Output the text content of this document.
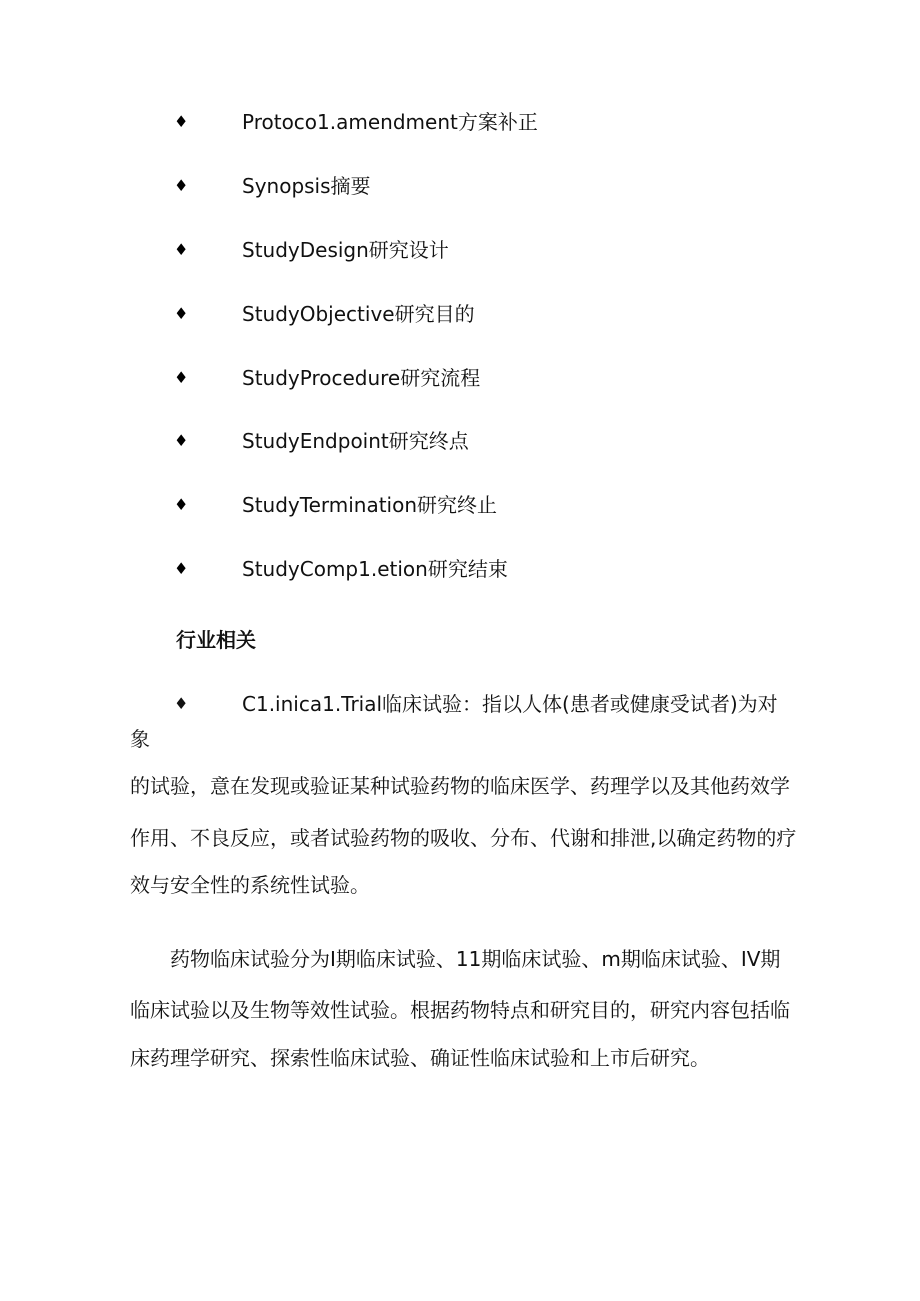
♦	Protoco1.amendment方案补正
♦	Synopsis摘要
♦	StudyDesign研究设计
♦	StudyObjective研究目的
♦	StudyProcedure研究流程
♦	StudyEndpoint研究终点
♦	StudyTermination研究终止
♦	StudyComp1.etion研究结束
行业相关
♦	C1.inica1.Trial临床试验：指以人体(患者或健康受试者)为对
象
的试验，意在发现或验证某种试验药物的临床医学、药理学以及其他药效学
作用、不良反应，或者试验药物的吸收、分布、代谢和排泄,以确定药物的疗
效与安全性的系统性试验。
　　药物临床试验分为I期临床试验、11期临床试验、m期临床试验、IV期
临床试验以及生物等效性试验。根据药物特点和研究目的，研究内容包括临
床药理学研究、探索性临床试验、确证性临床试验和上市后研究。
